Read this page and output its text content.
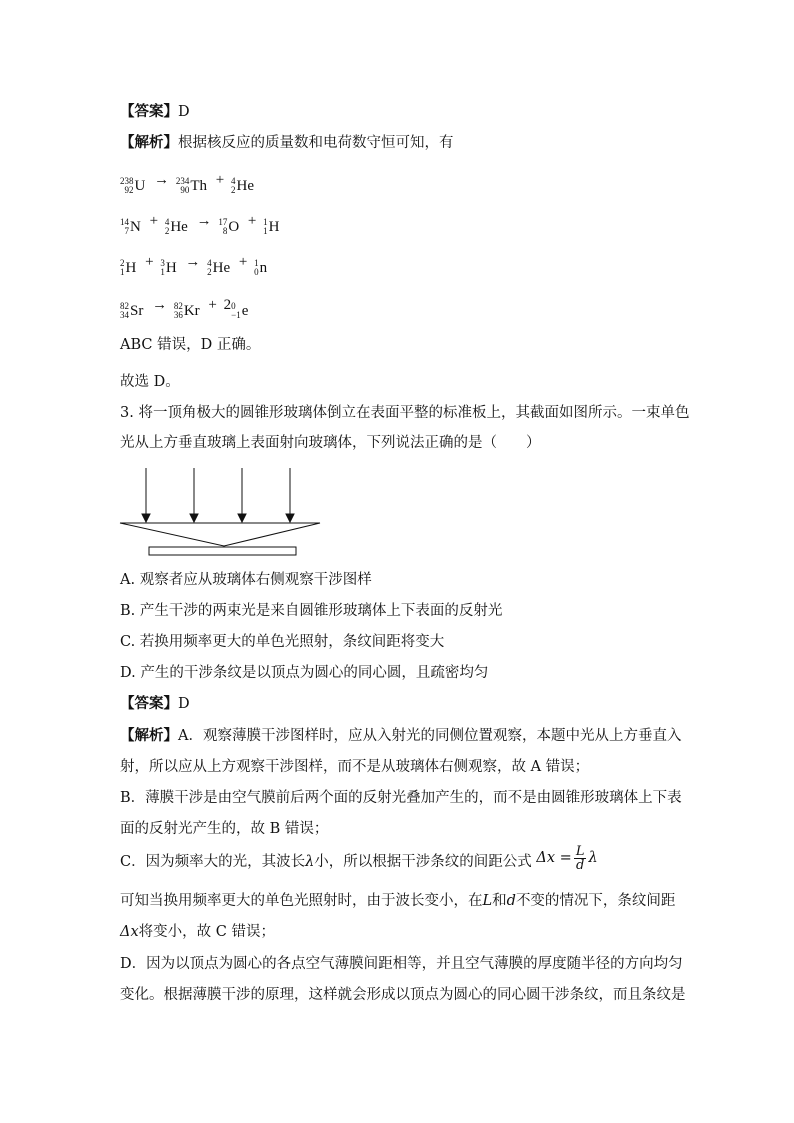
【答案】D
【解析】根据核反应的质量数和电荷数守恒可知，有
238
92 U → 234
90 Th + 4
2 He
14
7 N + 4
2 He → 17
8 O + 1
1 H
2
1 H + 3
1 H → 4
2 He + 1
0 n
82
34 Sr → 82
36 Kr + 2 0
−1 e
ABC 错误，D 正确。
故选 D。
3. 将一顶角极大的圆锥形玻璃体倒立在表面平整的标准板上，其截面如图所示。一束单色
光从上方垂直玻璃上表面射向玻璃体，下列说法正确的是（　　）
A. 观察者应从玻璃体右侧观察干涉图样
B. 产生干涉的两束光是来自圆锥形玻璃体上下表面的反射光
C. 若换用频率更大的单色光照射，条纹间距将变大
D. 产生的干涉条纹是以顶点为圆心的同心圆，且疏密均匀
【答案】D
【解析】A．观察薄膜干涉图样时，应从入射光的同侧位置观察，本题中光从上方垂直入
射，所以应从上方观察干涉图样，而不是从玻璃体右侧观察，故 A 错误；
B．薄膜干涉是由空气膜前后两个面的反射光叠加产生的，而不是由圆锥形玻璃体上下表
面的反射光产生的，故 B 错误；
C．因为频率大的光，其波长λ小，所以根据干涉条纹的间距公式 $\Delta x = \frac{L}{d}$ λ
可知当换用频率更大的单色光照射时，由于波长变小，在L和d不变的情况下，条纹间距
Δx将变小，故 C 错误；
D．因为以顶点为圆心的各点空气薄膜间距相等，并且空气薄膜的厚度随半径的方向均匀
变化。根据薄膜干涉的原理，这样就会形成以顶点为圆心的同心圆干涉条纹，而且条纹是
